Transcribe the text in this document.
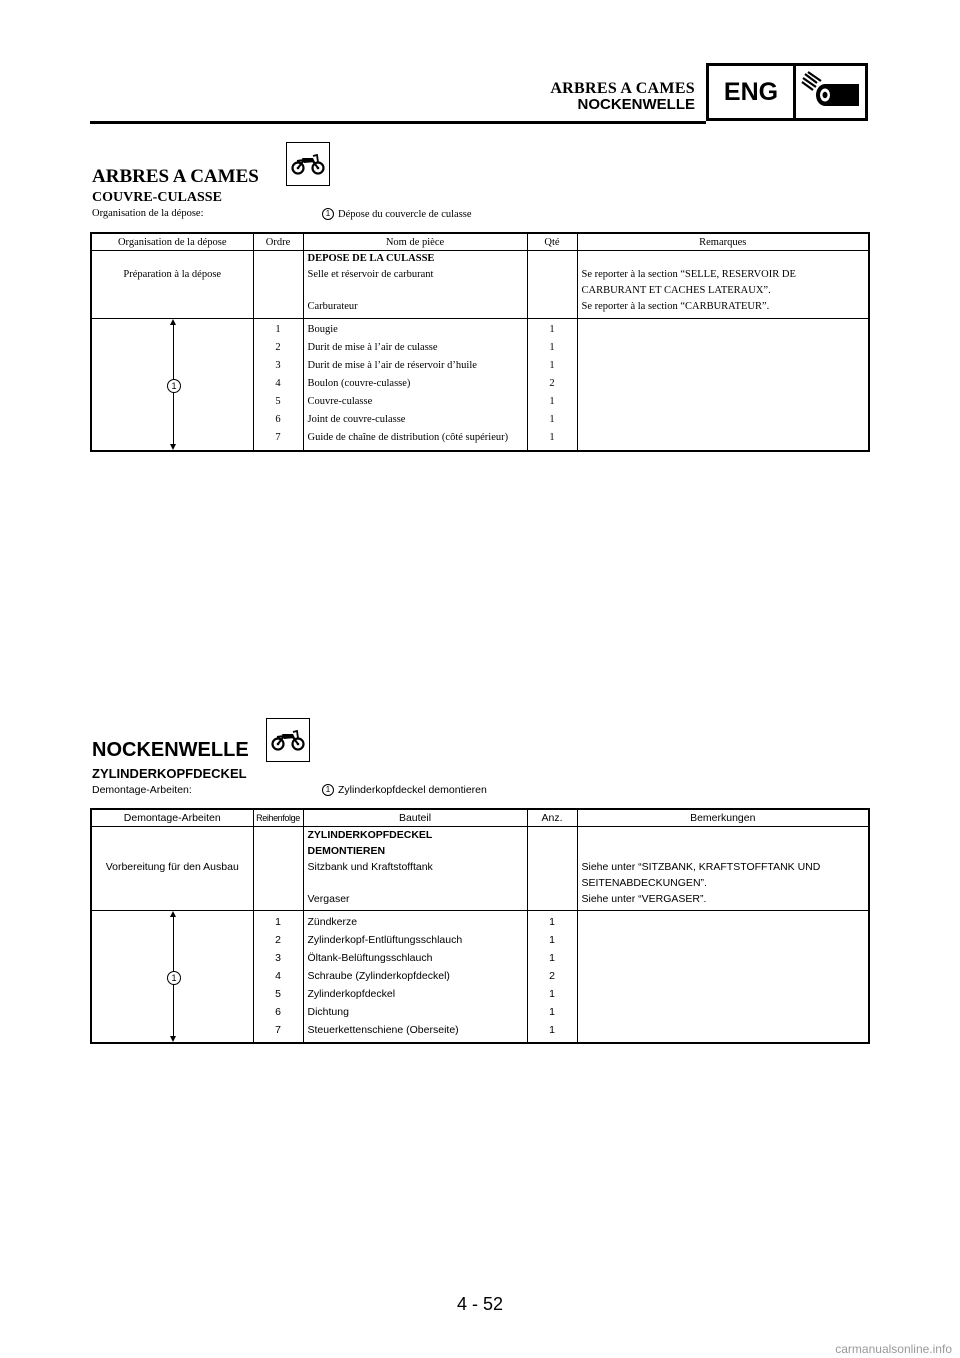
ARBRES A CAMES
NOCKENWELLE	ENG
ARBRES A CAMES
COUVRE-CULASSE
Organisation de la dépose:	1 Dépose du couvercle de culasse
Organisation de la dépose	Ordre	Nom de pièce	Qté	Remarques
		DEPOSE DE LA CULASSE		
Préparation à la dépose		Selle et réservoir de carburant		Se reporter à la section “SELLE, RESERVOIR DE
CARBURANT ET CACHES LATERAUX”.

		Carburateur		Se reporter à la section “CARBURATEUR”.

1	1	Bougie	1	
	2	Durit de mise à l’air de culasse	1	
	3	Durit de mise à l’air de réservoir d’huile	1	
	4	Boulon (couvre-culasse)	2	
	5	Couvre-culasse	1	
	6	Joint de couvre-culasse	1	
	7	Guide de chaîne de distribution (côté supérieur)	1	
NOCKENWELLE
ZYLINDERKOPFDECKEL
Demontage-Arbeiten:	1 Zylinderkopfdeckel demontieren
Demontage-Arbeiten	Reihenfolge	Bauteil	Anz.	Bemerkungen

		ZYLINDERKOPFDECKEL
DEMONTIEREN		

Vorbereitung für den Ausbau		Sitzbank und Kraftstofftank		Siehe unter “SITZBANK, KRAFTSTOFFTANK UND
SEITENABDECKUNGEN”.

		Vergaser		Siehe unter “VERGASER”.

1	1	Zündkerze	1	
	2	Zylinderkopf-Entlüftungsschlauch	1	
	3	Öltank-Belüftungsschlauch	1	
	4	Schraube (Zylinderkopfdeckel)	2	
	5	Zylinderkopfdeckel	1	
	6	Dichtung	1	
	7	Steuerkettenschiene (Oberseite)	1	
4 - 52
carmanualsonline.info
